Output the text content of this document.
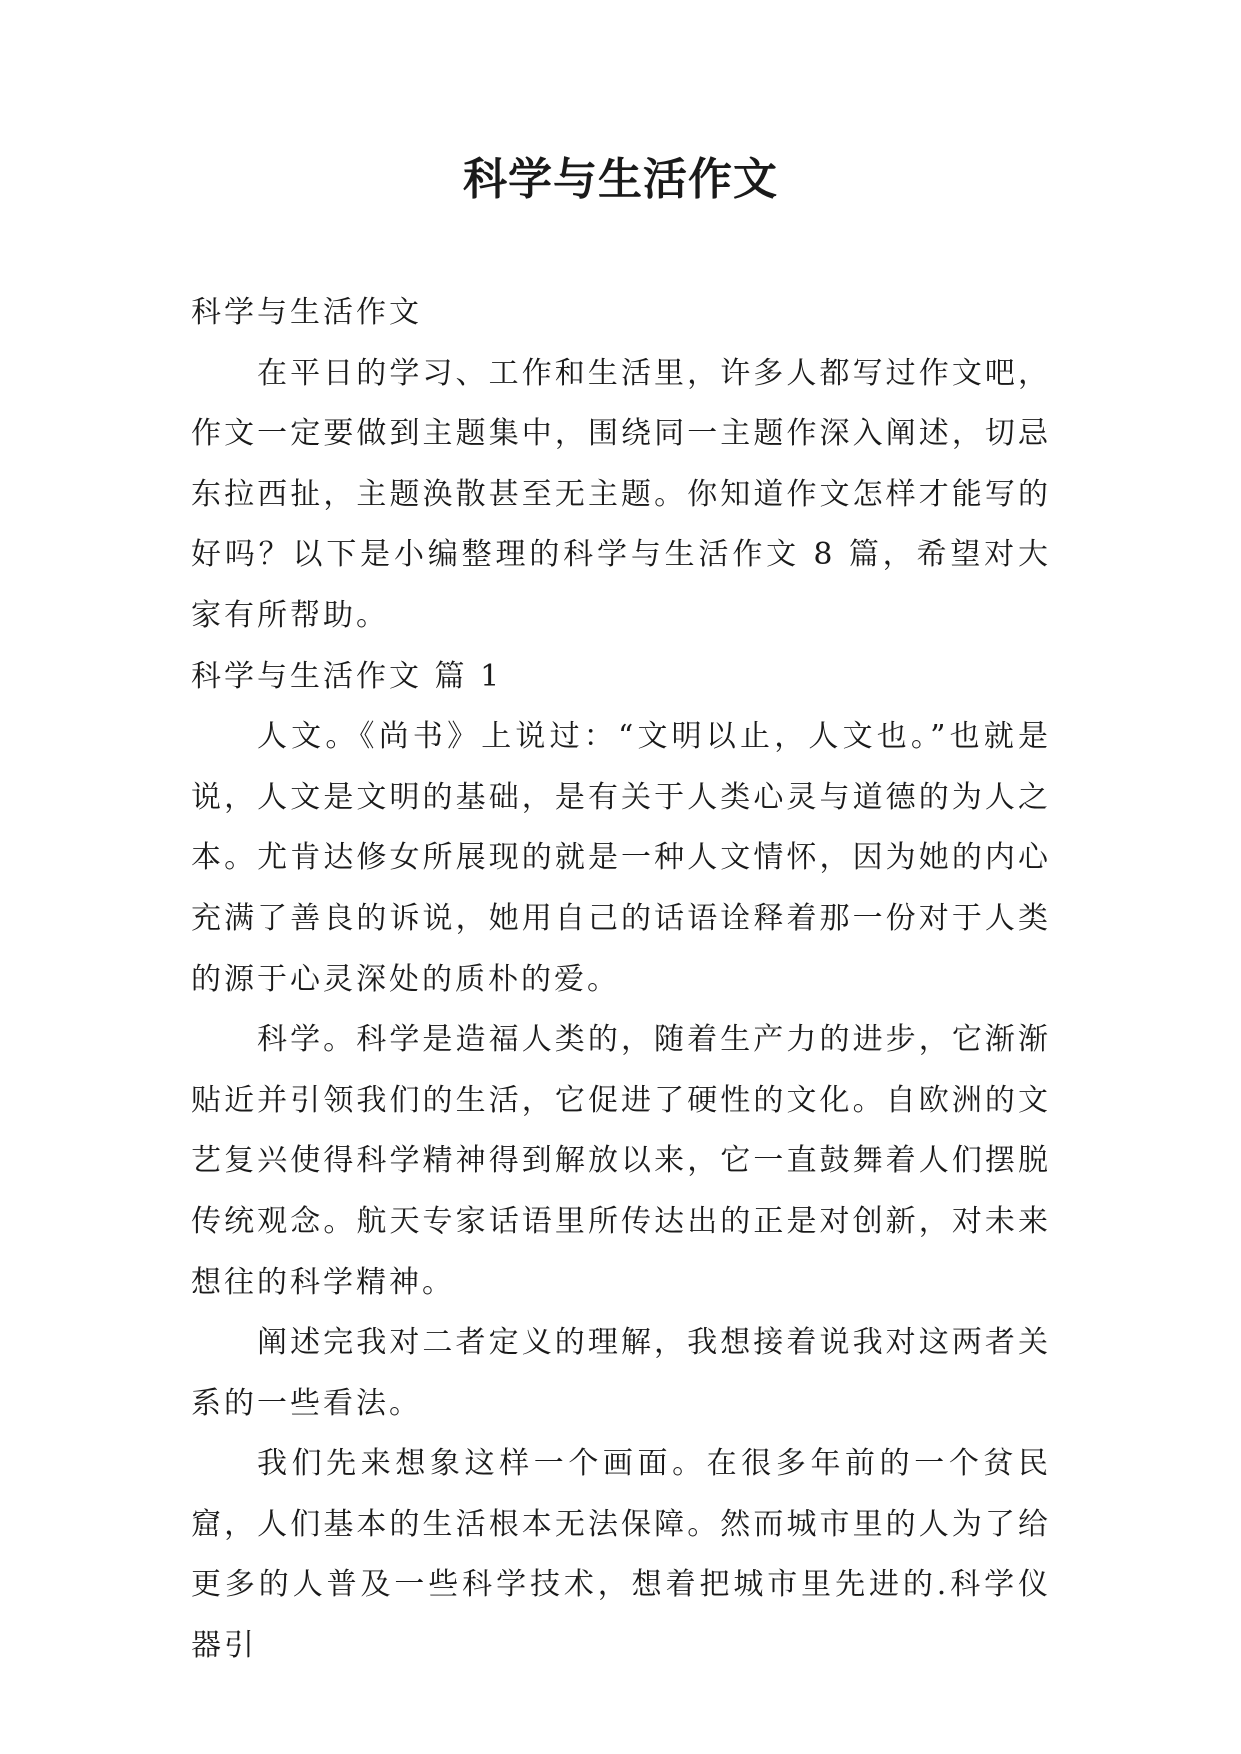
科学与生活作文

科学与生活作文

在平日的学习、工作和生活里，许多人都写过作文吧，作文一定要做到主题集中，围绕同一主题作深入阐述，切忌东拉西扯，主题涣散甚至无主题。你知道作文怎样才能写的好吗？以下是小编整理的科学与生活作文 8 篇，希望对大家有所帮助。

科学与生活作文 篇 1

人文。《尚书》上说过：“文明以止，人文也。”也就是说，人文是文明的基础，是有关于人类心灵与道德的为人之本。尤肯达修女所展现的就是一种人文情怀，因为她的内心充满了善良的诉说，她用自己的话语诠释着那一份对于人类的源于心灵深处的质朴的爱。

科学。科学是造福人类的，随着生产力的进步，它渐渐贴近并引领我们的生活，它促进了硬性的文化。自欧洲的文艺复兴使得科学精神得到解放以来，它一直鼓舞着人们摆脱传统观念。航天专家话语里所传达出的正是对创新，对未来想往的科学精神。

阐述完我对二者定义的理解，我想接着说我对这两者关系的一些看法。

我们先来想象这样一个画面。在很多年前的一个贫民窟，人们基本的生活根本无法保障。然而城市里的人为了给更多的人普及一些科学技术，想着把城市里先进的.科学仪器引
